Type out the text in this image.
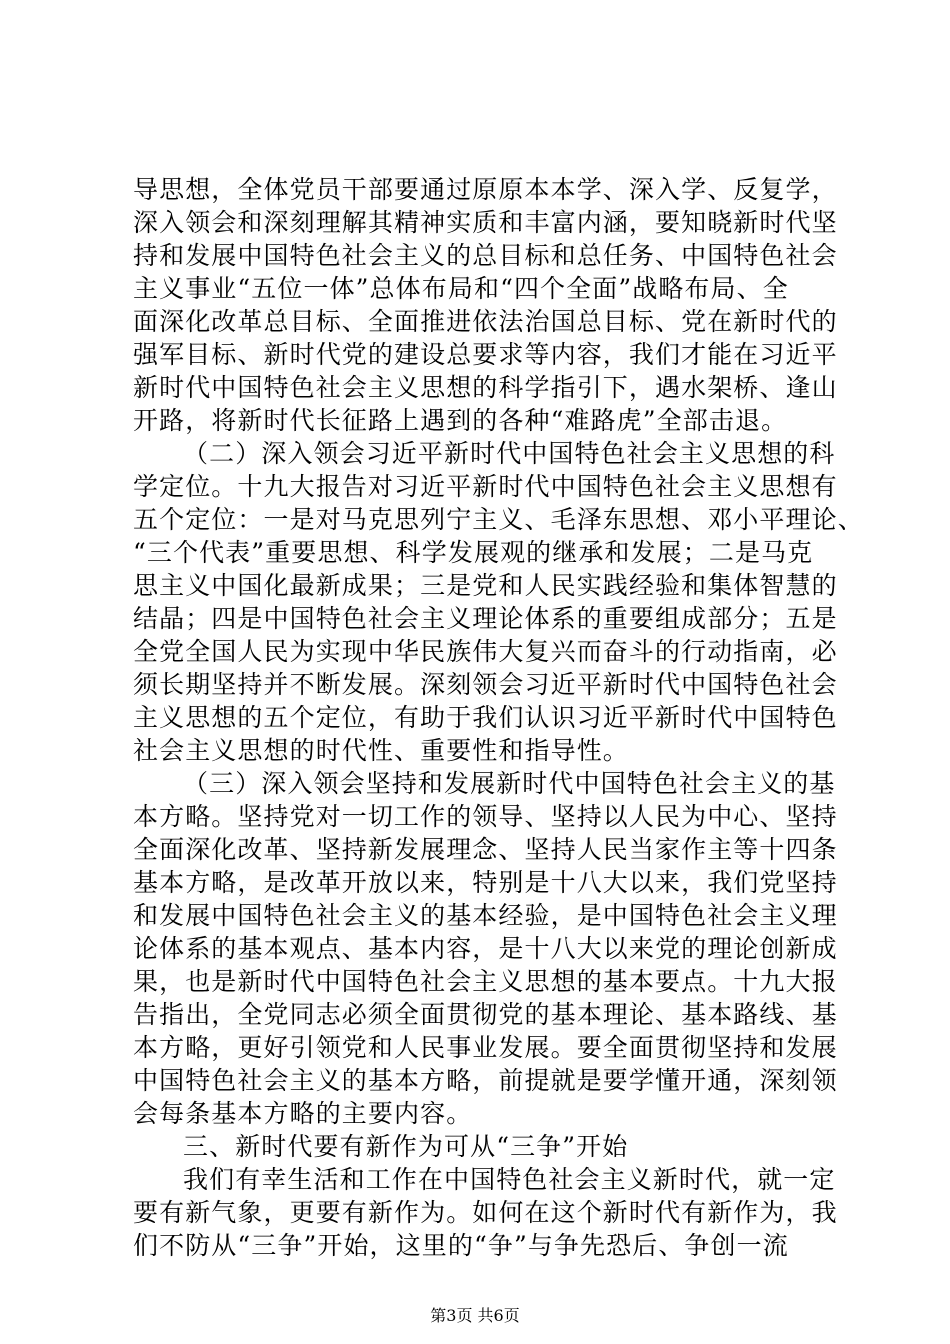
导思想，全体党员干部要通过原原本本学、深入学、反复学，
深入领会和深刻理解其精神实质和丰富内涵，要知晓新时代坚
持和发展中国特色社会主义的总目标和总任务、中国特色社会
主义事业“五位一体”总体布局和“四个全面”战略布局、全
面深化改革总目标、全面推进依法治国总目标、党在新时代的
强军目标、新时代党的建设总要求等内容，我们才能在习近平
新时代中国特色社会主义思想的科学指引下，遇水架桥、逢山
开路，将新时代长征路上遇到的各种“难路虎”全部击退。
（二）深入领会习近平新时代中国特色社会主义思想的科
学定位。十九大报告对习近平新时代中国特色社会主义思想有
五个定位：一是对马克思列宁主义、毛泽东思想、邓小平理论、
“三个代表”重要思想、科学发展观的继承和发展；二是马克
思主义中国化最新成果；三是党和人民实践经验和集体智慧的
结晶；四是中国特色社会主义理论体系的重要组成部分；五是
全党全国人民为实现中华民族伟大复兴而奋斗的行动指南，必
须长期坚持并不断发展。深刻领会习近平新时代中国特色社会
主义思想的五个定位，有助于我们认识习近平新时代中国特色
社会主义思想的时代性、重要性和指导性。
（三）深入领会坚持和发展新时代中国特色社会主义的基
本方略。坚持党对一切工作的领导、坚持以人民为中心、坚持
全面深化改革、坚持新发展理念、坚持人民当家作主等十四条
基本方略，是改革开放以来，特别是十八大以来，我们党坚持
和发展中国特色社会主义的基本经验，是中国特色社会主义理
论体系的基本观点、基本内容，是十八大以来党的理论创新成
果，也是新时代中国特色社会主义思想的基本要点。十九大报
告指出，全党同志必须全面贯彻党的基本理论、基本路线、基
本方略，更好引领党和人民事业发展。要全面贯彻坚持和发展
中国特色社会主义的基本方略，前提就是要学懂开通，深刻领
会每条基本方略的主要内容。
三、新时代要有新作为可从“三争”开始
我们有幸生活和工作在中国特色社会主义新时代，就一定
要有新气象，更要有新作为。如何在这个新时代有新作为，我
们不防从“三争”开始，这里的“争”与争先恐后、争创一流
第3页 共6页
